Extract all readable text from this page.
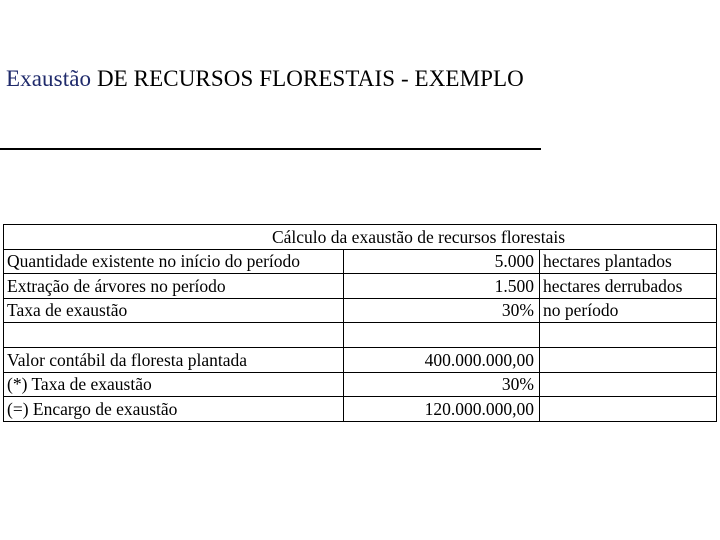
Exaustão DE RECURSOS FLORESTAIS - EXEMPLO
Cálculo da exaustão de recursos florestais		
Quantidade existente no início do período	5.000	hectares plantados
Extração de árvores no período	1.500	hectares derrubados
Taxa de exaustão	30%	no período

Valor contábil da floresta plantada	400.000.000,00	
(*) Taxa de exaustão	30%	
(=) Encargo de exaustão	120.000.000,00	
